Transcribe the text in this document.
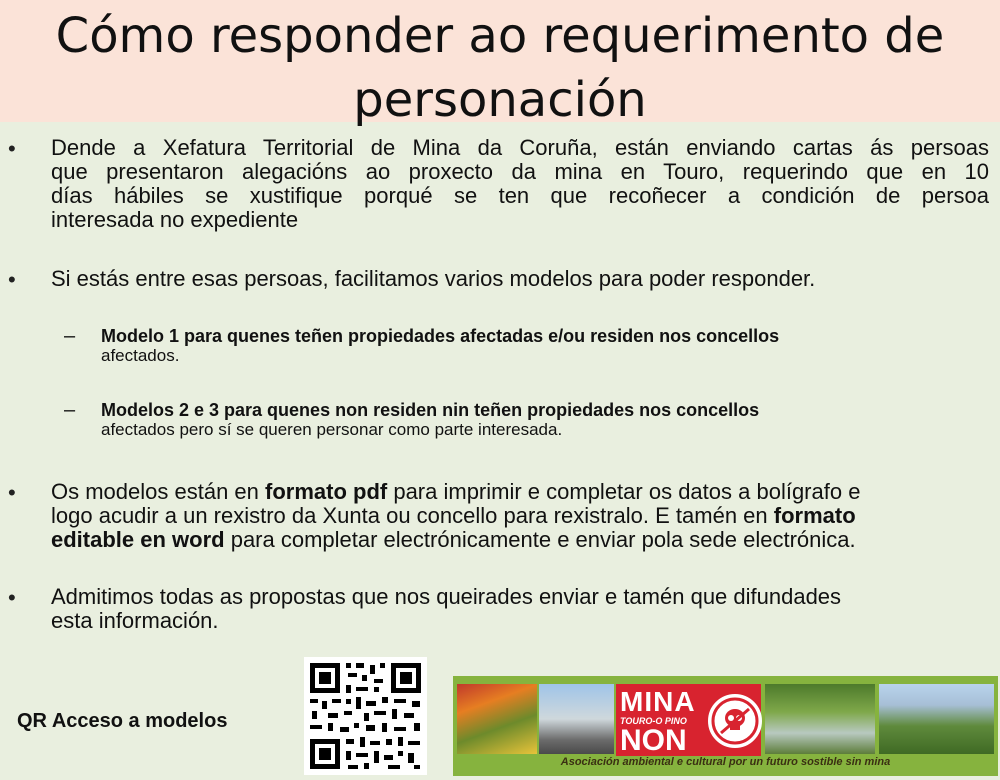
Cómo responder ao requerimento de
personación
• Dende a Xefatura Territorial de Mina da Coruña, están enviando cartas ás persoas
que presentaron alegacións ao proxecto da mina en Touro, requerindo que en 10
días hábiles se xustifique porqué se ten que recoñecer a condición de persoa
interesada no expediente
• Si estás entre esas persoas, facilitamos varios modelos para poder responder.
– Modelo 1 para quenes teñen propiedades afectadas e/ou residen nos concellos
afectados.
– Modelos 2 e 3 para quenes non residen nin teñen propiedades nos concellos
afectados pero sí se queren personar como parte interesada.
• Os modelos están en formato pdf para imprimir e completar os datos a bolígrafo e
logo acudir a un rexistro da Xunta ou concello para rexistralo. E tamén en formato
editable en word para completar electrónicamente e enviar pola sede electrónica.
• Admitimos todas as propostas que nos queirades enviar e tamén que difundades
esta información.
QR Acceso a modelos
MINA
TOURO-O PINO
NON
Asociación ambiental e cultural por un futuro sostible sin mina
